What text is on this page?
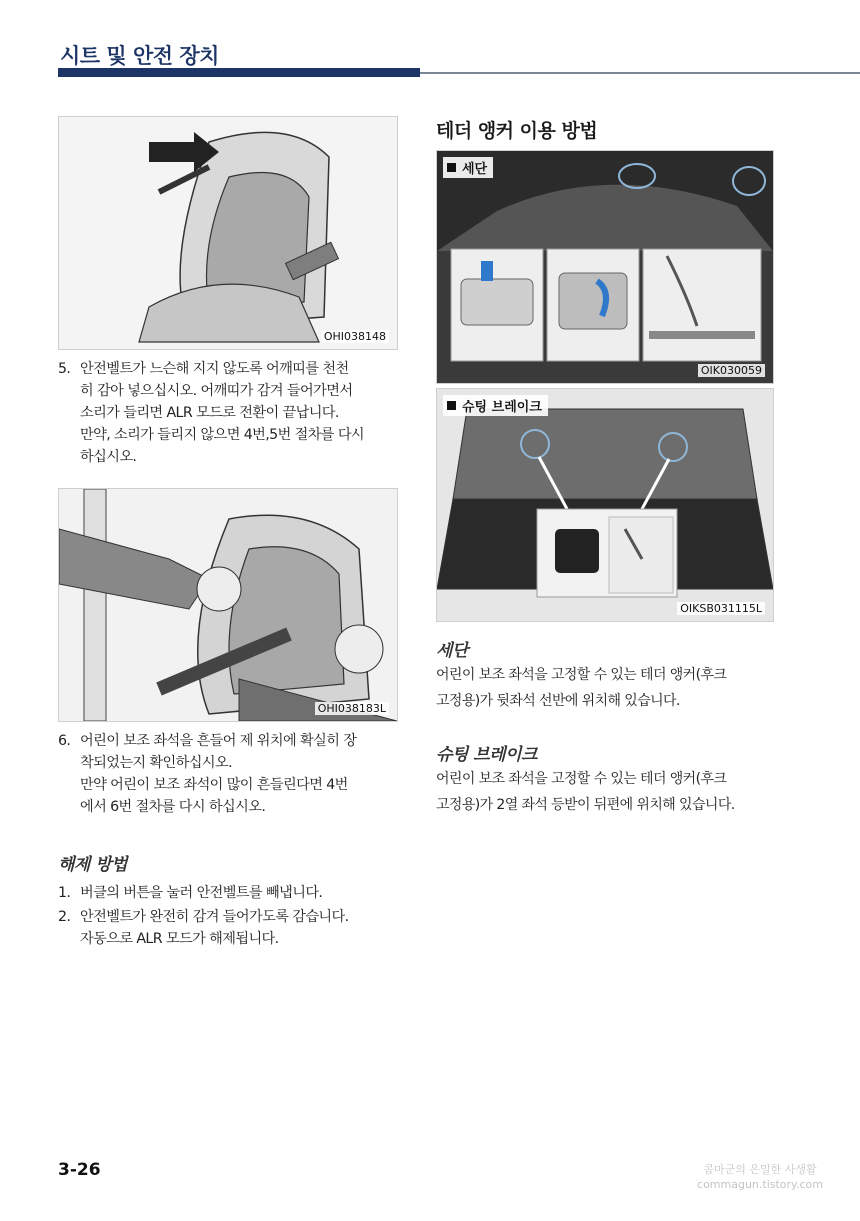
시트 및 안전 장치
OHI038148
5. 안전벨트가 느슨해 지지 않도록 어깨띠를 천천
히 감아 넣으십시오. 어깨띠가 감겨 들어가면서
소리가 들리면 ALR 모드로 전환이 끝납니다.
만약, 소리가 들리지 않으면 4번,5번 절차를 다시
하십시오.
OHI038183L
6. 어린이 보조 좌석을 흔들어 제 위치에 확실히 장
착되었는지 확인하십시오.
만약 어린이 보조 좌석이 많이 흔들린다면 4번
에서 6번 절차를 다시 하십시오.
해제 방법
1. 버클의 버튼을 눌러 안전벨트를 빼냅니다.
2. 안전벨트가 완전히 감겨 들어가도록 감습니다.
자동으로 ALR 모드가 해제됩니다.
테더 앵커 이용 방법
세단
OIK030059
슈팅 브레이크
OIKSB031115L
세단
어린이 보조 좌석을 고정할 수 있는 테더 앵커(후크
고정용)가 뒷좌석 선반에 위치해 있습니다.
슈팅 브레이크
어린이 보조 좌석을 고정할 수 있는 테더 앵커(후크
고정용)가 2열 좌석 등받이 뒤편에 위치해 있습니다.
3-26	콤마군의 은밀한 사생활
commagun.tistory.com
